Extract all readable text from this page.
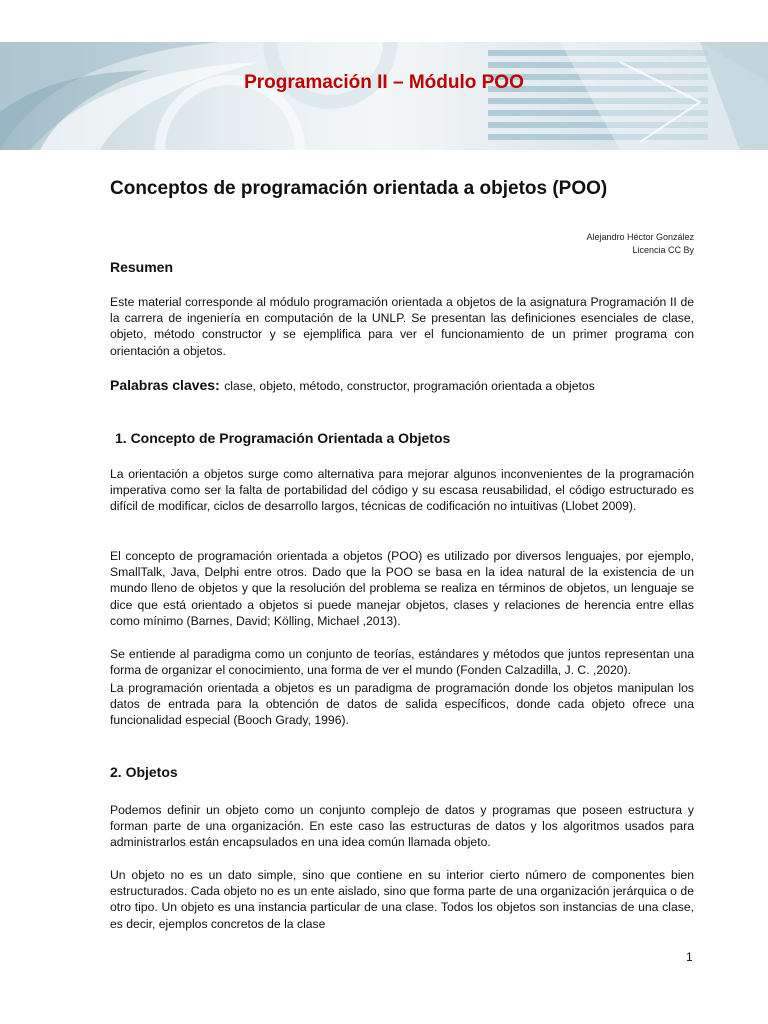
Programación II – Módulo POO
Conceptos de programación orientada a objetos (POO)
Alejandro Héctor González
Licencia CC By
Resumen
Este material corresponde al módulo programación orientada a objetos de la asignatura Programación II de la carrera de ingeniería en computación de la UNLP. Se presentan las definiciones esenciales de clase, objeto, método constructor y se ejemplifica para ver el funcionamiento de un primer programa con orientación a objetos.
Palabras claves: clase, objeto, método, constructor, programación orientada a objetos
1. Concepto de Programación Orientada a Objetos
La orientación a objetos surge como alternativa para mejorar algunos inconvenientes de la programación imperativa como ser la falta de portabilidad del código y su escasa reusabilidad, el código estructurado es difícil de modificar, ciclos de desarrollo largos, técnicas de codificación no intuitivas (Llobet 2009).
El concepto de programación orientada a objetos (POO) es utilizado por diversos lenguajes, por ejemplo, SmallTalk, Java, Delphi entre otros. Dado que la POO se basa en la idea natural de la existencia de un mundo lleno de objetos y que la resolución del problema se realiza en términos de objetos, un lenguaje se dice que está orientado a objetos si puede manejar objetos, clases y relaciones de herencia entre ellas como mínimo (Barnes, David; Kölling, Michael ,2013).
Se entiende al paradigma como un conjunto de teorías, estándares y métodos que juntos representan una forma de organizar el conocimiento, una forma de ver el mundo (Fonden Calzadilla, J. C. ,2020).
La programación orientada a objetos es un paradigma de programación donde los objetos manipulan los datos de entrada para la obtención de datos de salida específicos, donde cada objeto ofrece una funcionalidad especial (Booch Grady, 1996).
2. Objetos
Podemos definir un objeto como un conjunto complejo de datos y programas que poseen estructura y forman parte de una organización. En este caso las estructuras de datos y los algoritmos usados para administrarlos están encapsulados en una idea común llamada objeto.
Un objeto no es un dato simple, sino que contiene en su interior cierto número de componentes bien estructurados. Cada objeto no es un ente aislado, sino que forma parte de una organización jerárquica o de otro tipo. Un objeto es una instancia particular de una clase. Todos los objetos son instancias de una clase, es decir, ejemplos concretos de la clase
1
